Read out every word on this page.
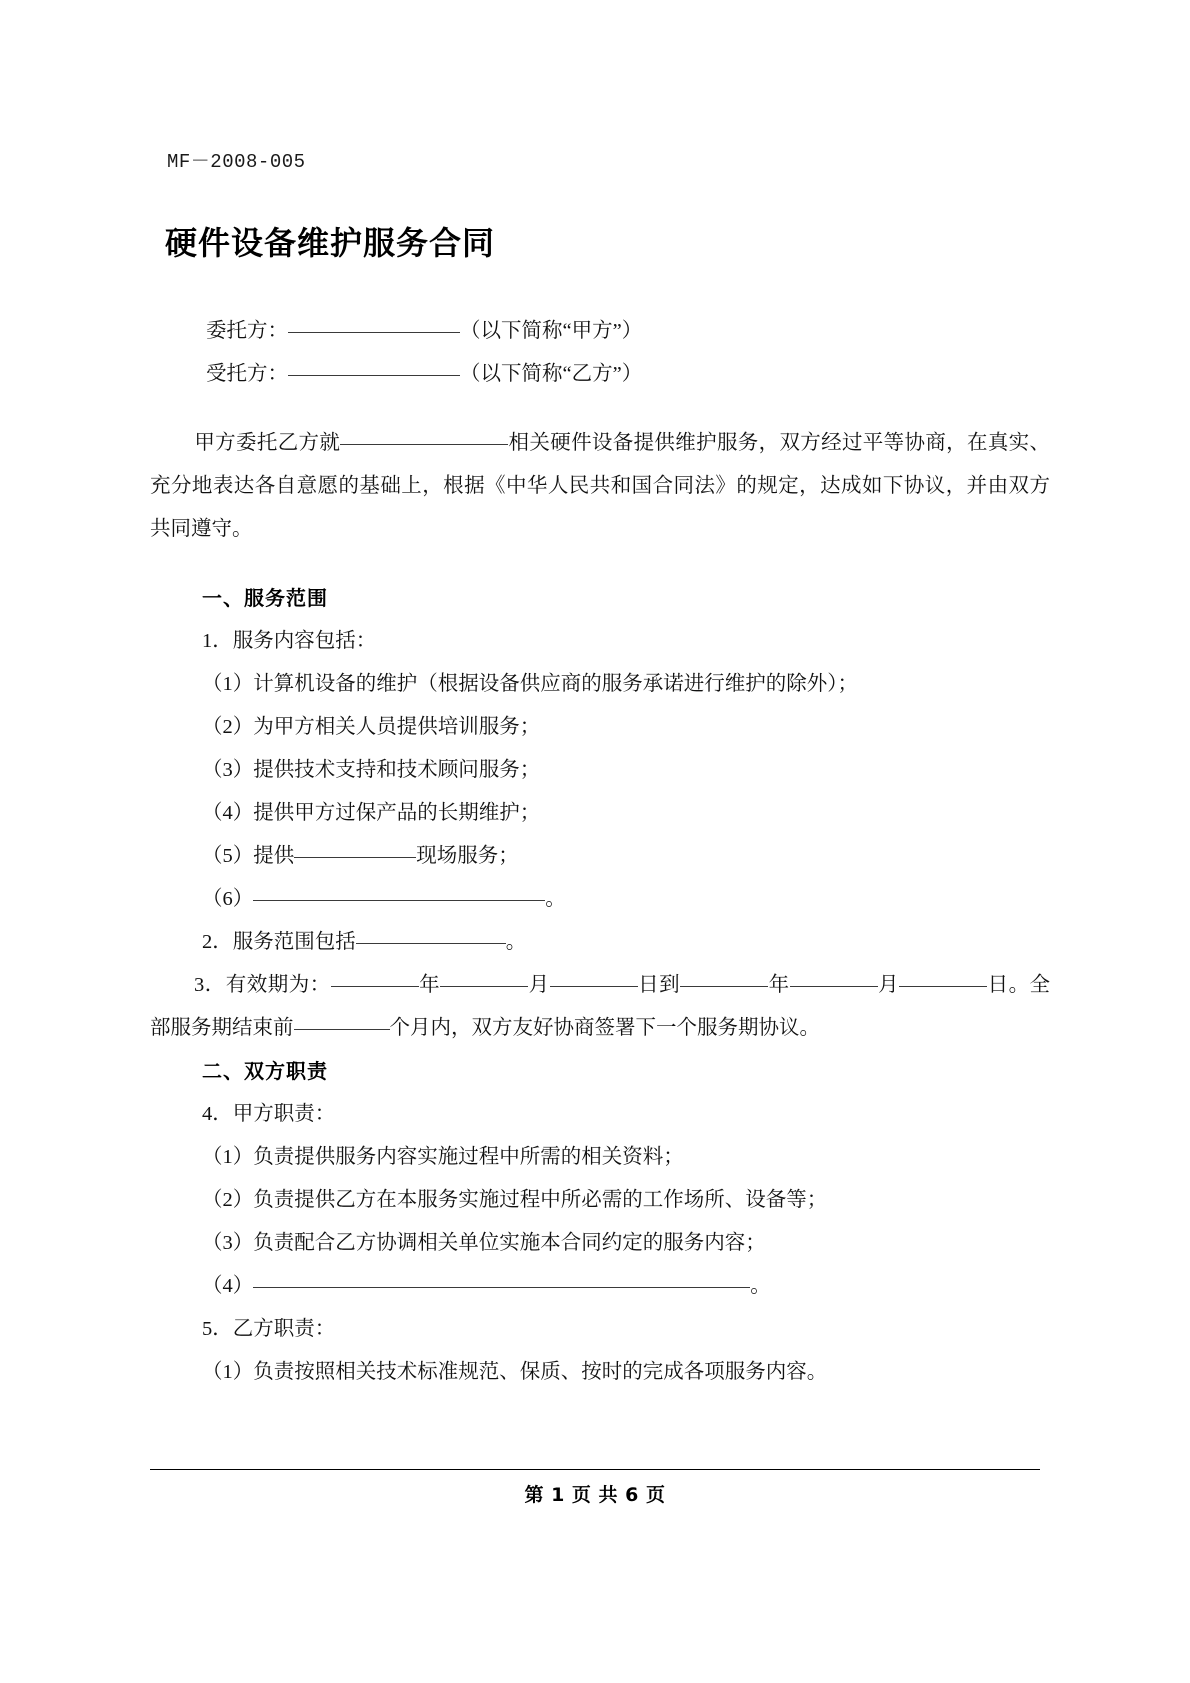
MF－2008-005
硬件设备维护服务合同
委托方：	（以下简称“甲方”）
受托方：	（以下简称“乙方”）
甲方委托乙方就	相关硬件设备提供维护服务，双方经过平等协商，在真实、充分地表达各自意愿的基础上，根据《中华人民共和国合同法》的规定，达成如下协议，并由双方共同遵守。
一、服务范围
1．服务内容包括：
（1）计算机设备的维护（根据设备供应商的服务承诺进行维护的除外）；
（2）为甲方相关人员提供培训服务；
（3）提供技术支持和技术顾问服务；
（4）提供甲方过保产品的长期维护；
（5）提供	现场服务；
（6）	。
2．服务范围包括	。
3．有效期为：	年	月	日到	年	月	日。全部服务期结束前	个月内，双方友好协商签署下一个服务期协议。
二、双方职责
4．甲方职责：
（1）负责提供服务内容实施过程中所需的相关资料；
（2）负责提供乙方在本服务实施过程中所必需的工作场所、设备等；
（3）负责配合乙方协调相关单位实施本合同约定的服务内容；
（4）	。
5．乙方职责：
（1）负责按照相关技术标准规范、保质、按时的完成各项服务内容。
第 1 页 共 6 页
